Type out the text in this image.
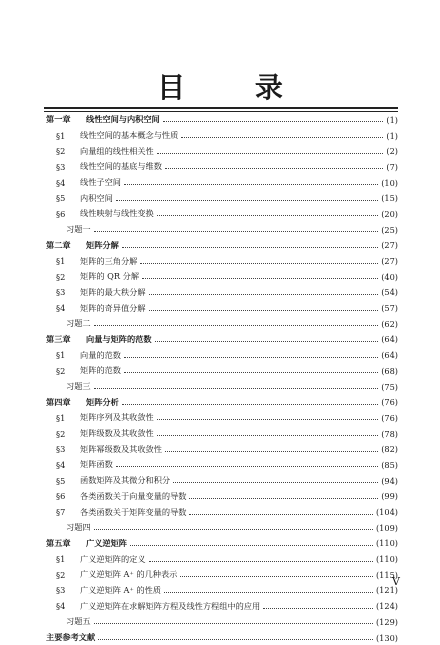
目 录
第一章	线性空间与内积空间	(1)
§1	线性空间的基本概念与性质	(1)
§2	向量组的线性相关性	(2)
§3	线性空间的基底与维数	(7)
§4	线性子空间	(10)
§5	内积空间	(15)
§6	线性映射与线性变换	(20)
习题一	(25)
第二章	矩阵分解	(27)
§1	矩阵的三角分解	(27)
§2	矩阵的 QR 分解	(40)
§3	矩阵的最大秩分解	(54)
§4	矩阵的奇异值分解	(57)
习题二	(62)
第三章	向量与矩阵的范数	(64)
§1	向量的范数	(64)
§2	矩阵的范数	(68)
习题三	(75)
第四章	矩阵分析	(76)
§1	矩阵序列及其收敛性	(76)
§2	矩阵级数及其收敛性	(78)
§3	矩阵幂级数及其收敛性	(82)
§4	矩阵函数	(85)
§5	函数矩阵及其微分和积分	(94)
§6	各类函数关于向量变量的导数	(99)
§7	各类函数关于矩阵变量的导数	(104)
习题四	(109)
第五章	广义逆矩阵	(110)
§1	广义逆矩阵的定义	(110)
§2	广义逆矩阵 A⁺ 的几种表示	(115)
§3	广义逆矩阵 A⁺ 的性质	(121)
§4	广义逆矩阵在求解矩阵方程及线性方程组中的应用	(124)
习题五	(129)
主要参考文献	(130)
V
